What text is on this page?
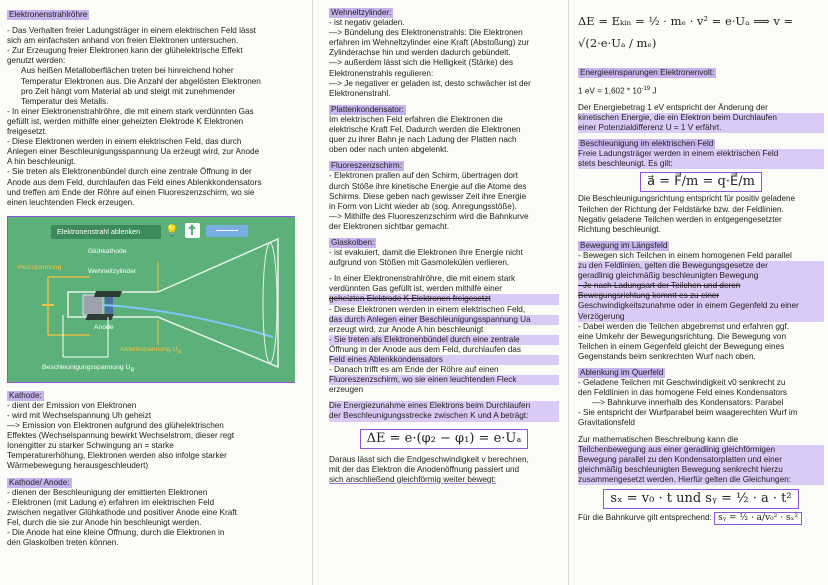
Elektronenstrahlröhre

- Das Verhalten freier Ladungsträger in einem elektrischen Feld lässt

sich am einfachsten anhand von freien Elektronen untersuchen.

- Zur Erzeugung freier Elektronen kann der glühelektrische Effekt

genutzt werden:

Aus heißen Metalloberflächen treten bei hinreichend hoher

Temperatur Elektronen aus. Die Anzahl der abgelösten Elektronen

pro Zeit hängt vom Material ab und steigt mit zunehmender

Temperatur des Metalls.

- In einer Elektronenstrahlröhre, die mit einem stark verdünnten Gas

gefüllt ist, werden mithilfe einer geheizten Elektrode K Elektronen

freigesetzt.

- Diese Elektronen werden in einem elektrischen Feld, das durch

Anlegen einer Beschleunigungsspannung Ua erzeugt wird, zur Anode

A hin beschleunigt.

- Sie treten als Elektronenbündel durch eine zentrale Öffnung in der

Anode aus dem Feld, durchlaufen das Feld eines Ablenkkondensators

und treffen am Ende der Röhre auf einen Fluoreszenzschirm, wo sie

einen leuchtenden Fleck erzeugen.

Elektronenstrahl ablenken 💡
Glühkathode
Heizspannung
Wehneltzylinder
Anode
Ablenkspannung $U_A$
Beschleunigungsspannung $U_B$
Kathode:

- dient der Emission von Elektronen

- wird mit Wechselspannung Uh geheizt

—> Emission von Elektronen aufgrund des glühelektrischen

Effektes (Wechselspannung bewirkt Wechselstrom, dieser regt

Ionengitter zu starker Schwingung an = starke

Temperaturerhöhung, Elektronen werden also infolge starker

Wärmebewegung herausgeschleudert)

Kathode/ Anode:

- dienen der Beschleunigung der emittierten Elektronen

- Elektronen (mit Ladung e) erfahren im elektrischen Feld

zwischen negativer Glühkathode und positiver Anode eine Kraft

Fel, durch die sie zur Anode hin beschleunigt werden.

- Die Anode hat eine kleine Öffnung, durch die Elektronen in

den Glaskolben treten können.

Wehneltzylinder:

- ist negativ geladen.

—> Bündelung des Elektronenstrahls: Die Elektronen

erfahren im Wehneltzylinder eine Kraft (Abstoßung) zur

Zylinderachse hin und werden dadurch gebündelt.

—> außerdem lässt sich die Helligkeit (Stärke) des

Elektronenstrahls regulieren:

—> Je negativer er geladen ist, desto schwächer ist der

Elektronenstrahl.

Plattenkondensator:

Im elektrischen Feld erfahren die Elektronen die

elektrische Kraft Fel. Dadurch werden die Elektronen

quer zu ihrer Bahn je nach Ladung der Platten nach

oben oder nach unten abgelenkt.

Fluoreszenzschirm:

- Elektronen prallen auf den Schirm, übertragen dort

durch Stöße ihre kinetische Energie auf die Atome des

Schirms. Diese geben nach gewisser Zeit ihre Energie

in Form von Licht wieder ab (sog. Anregungsstöße).

—> Mithilfe des Fluoreszenzschirm wird die Bahnkurve

der Elektronen sichtbar gemacht.

Glaskolben:

- ist evakuiert, damit die Elektronen ihre Energie nicht

aufgrund von Stößen mit Gasmolekülen verlieren.

- In einer Elektronenstrahlröhre, die mit einem stark

verdünnten Gas gefüllt ist, werden mithilfe einer

geheizten Elektrode K Elektronen freigesetzt

- Diese Elektronen werden in einem elektrischen Feld,

das durch Anlegen einer Beschleunigungsspannung Ua

erzeugt wird, zur Anode A hin beschleunigt

- Sie treten als Elektronenbündel durch eine zentrale

Öffnung in der Anode aus dem Feld, durchlaufen das

Feld eines Ablenkkondensators

- Danach trifft es am Ende der Röhre auf einen

Fluoreszenzschirm, wo sie einen leuchtenden Fleck

erzeugen

Die Energiezunahme eines Elektrons beim Durchlaufen

der Beschleunigungsstrecke zwischen K und A beträgt:

ΔE = e·(φ₂ − φ₁) = e·Uₐ

Daraus lässt sich die Endgeschwindigkeit v berechnen,

mit der das Elektron die Anodenöffnung passiert und

sich anschließend gleichförmig weiter bewegt:

ΔE = Eₖᵢₙ = ½ · mₑ · v² = e·Uₐ ⟹ v = √(2·e·Uₐ / mₑ)
Energieeinsparungen Elektronenvolt:

1 eV = $1,602 * 10^{-19}$ J

Der Energiebetrag 1 eV entspricht der Änderung der

kinetischen Energie, die ein Elektron beim Durchlaufen

einer Potenzialdifferenz U = 1 V erfährt.

Beschleunigung im elektrischen Feld

Freie Ladungsträger werden in einem elektrischen Feld

stets beschleunigt. Es gilt:

a⃗ = F⃗/m = q·E⃗/m

Die Beschleunigungsrichtung entspricht für positiv geladene

Teilchen der Richtung der Feldstärke bzw. der Feldlinien.

Negativ geladene Teilchen werden in entgegengesetzter

Richtung beschleunigt.

Bewegung im Längsfeld

- Bewegen sich Teilchen in einem homogenen Feld parallel

zu den Feldlinien, gelten die Bewegungsgesetze der

geradlinig gleichmäßig beschleunigten Bewegung

- Je nach Ladungsart der Teilchen und deren

Bewegungsrichtung kommt es zu einer

Geschwindigkeitszunahme oder in einem Gegenfeld zu einer

Verzögerung

- Dabei werden die Teilchen abgebremst und erfahren ggf.

eine Umkehr der Bewegungsrichtung. Die Bewegung von

Teilchen in einem Gegenfeld gleicht der Bewegung eines

Gegenstands beim senkrechten Wurf nach oben.

Ablenkung im Querfeld

- Geladene Teilchen mit Geschwindigkeit v0 senkrecht zu

den Feldlinien in das homogene Feld eines Kondensators

—> Bahnkurve innerhalb des Kondensators: Parabel

- Sie entspricht der Wurfparabel beim waagerechten Wurf im

Gravitationsfeld

Zur mathematischen Beschreibung kann die

Teilchenbewegung aus einer geradlinig gleichförmigen

Bewegung parallel zu den Kondensatorplatten und einer

gleichmäßig beschleunigten Bewegung senkrecht hierzu

zusammengesetzt werden. Hierfür gelten die Gleichungen:

sₓ = v₀ · t und sᵧ = ½ · a · t²

Für die Bahnkurve gilt entsprechend: sᵧ = ½ · a/v₀² · sₓ²
